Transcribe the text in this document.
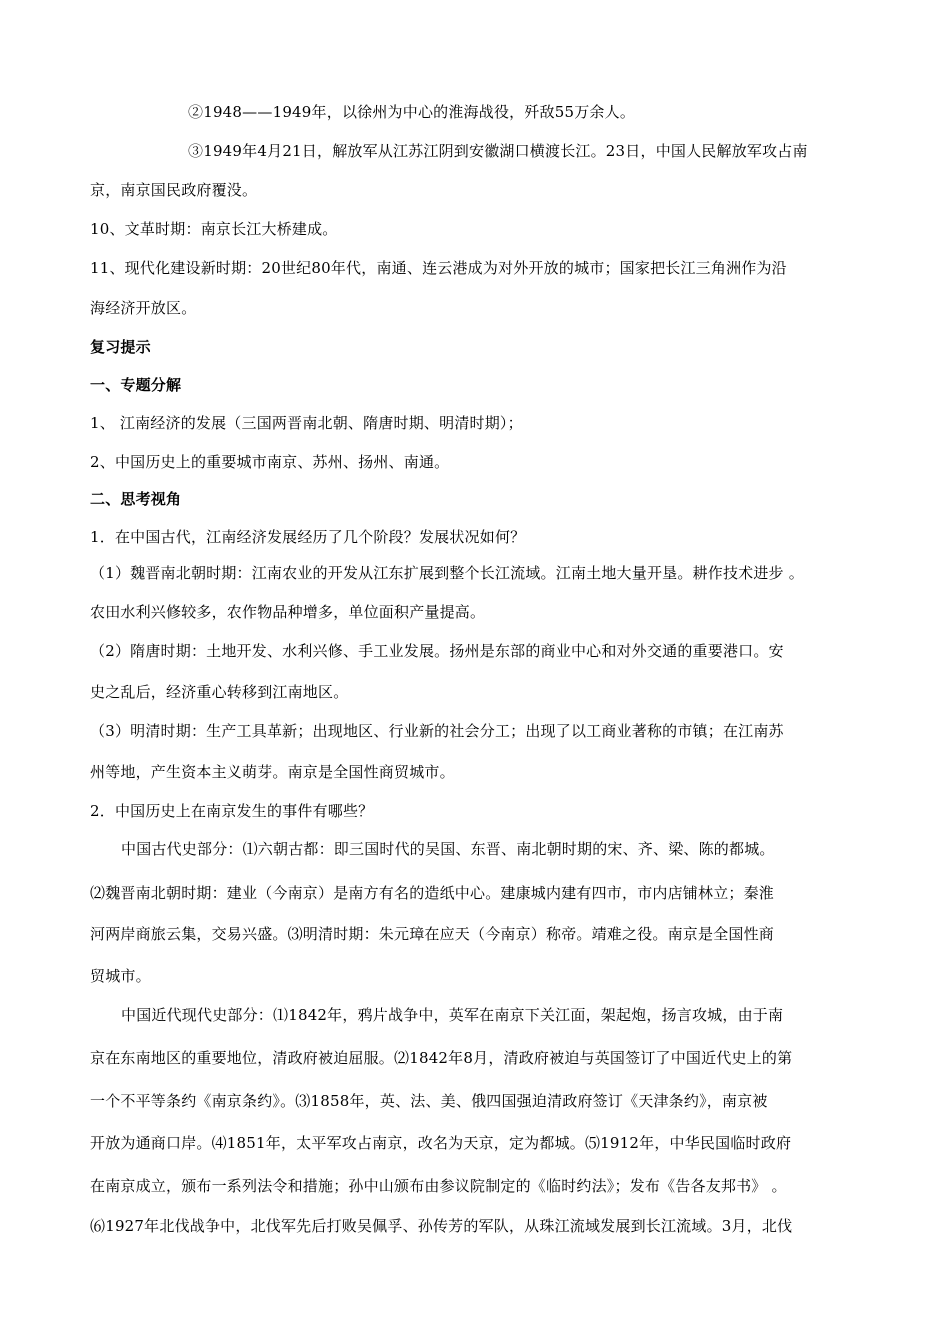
②1948——1949年，以徐州为中心的淮海战役，歼敌55万余人。
③1949年4月21日，解放军从江苏江阴到安徽湖口横渡长江。23日，中国人民解放军攻占南
京，南京国民政府覆没。
10、文革时期：南京长江大桥建成。
11、现代化建设新时期：20世纪80年代，南通、连云港成为对外开放的城市；国家把长江三角洲作为沿
海经济开放区。
复习提示
一、专题分解
1、 江南经济的发展（三国两晋南北朝、隋唐时期、明清时期）；
2、中国历史上的重要城市南京、苏州、扬州、南通。
二、思考视角
1．在中国古代，江南经济发展经历了几个阶段？发展状况如何？
（1）魏晋南北朝时期：江南农业的开发从江东扩展到整个长江流域。江南土地大量开垦。耕作技术进步 。
农田水利兴修较多，农作物品种增多，单位面积产量提高。
（2）隋唐时期：土地开发、水利兴修、手工业发展。扬州是东部的商业中心和对外交通的重要港口。安
史之乱后，经济重心转移到江南地区。
（3）明清时期：生产工具革新；出现地区、行业新的社会分工；出现了以工商业著称的市镇；在江南苏
州等地，产生资本主义萌芽。南京是全国性商贸城市。
2．中国历史上在南京发生的事件有哪些？
中国古代史部分：⑴六朝古都：即三国时代的吴国、东晋、南北朝时期的宋、齐、梁、陈的都城。
⑵魏晋南北朝时期：建业（今南京）是南方有名的造纸中心。建康城内建有四市，市内店铺林立；秦淮
河两岸商旅云集，交易兴盛。⑶明清时期：朱元璋在应天（今南京）称帝。靖难之役。南京是全国性商
贸城市。
中国近代现代史部分：⑴1842年，鸦片战争中，英军在南京下关江面，架起炮，扬言攻城，由于南
京在东南地区的重要地位，清政府被迫屈服。⑵1842年8月，清政府被迫与英国签订了中国近代史上的第
一个不平等条约《南京条约》。⑶1858年，英、法、美、俄四国强迫清政府签订《天津条约》，南京被
开放为通商口岸。⑷1851年，太平军攻占南京，改名为天京，定为都城。⑸1912年，中华民国临时政府
在南京成立，颁布一系列法令和措施；孙中山颁布由参议院制定的《临时约法》；发布《告各友邦书》 。
⑹1927年北伐战争中，北伐军先后打败吴佩孚、孙传芳的军队，从珠江流域发展到长江流域。3月，北伐
